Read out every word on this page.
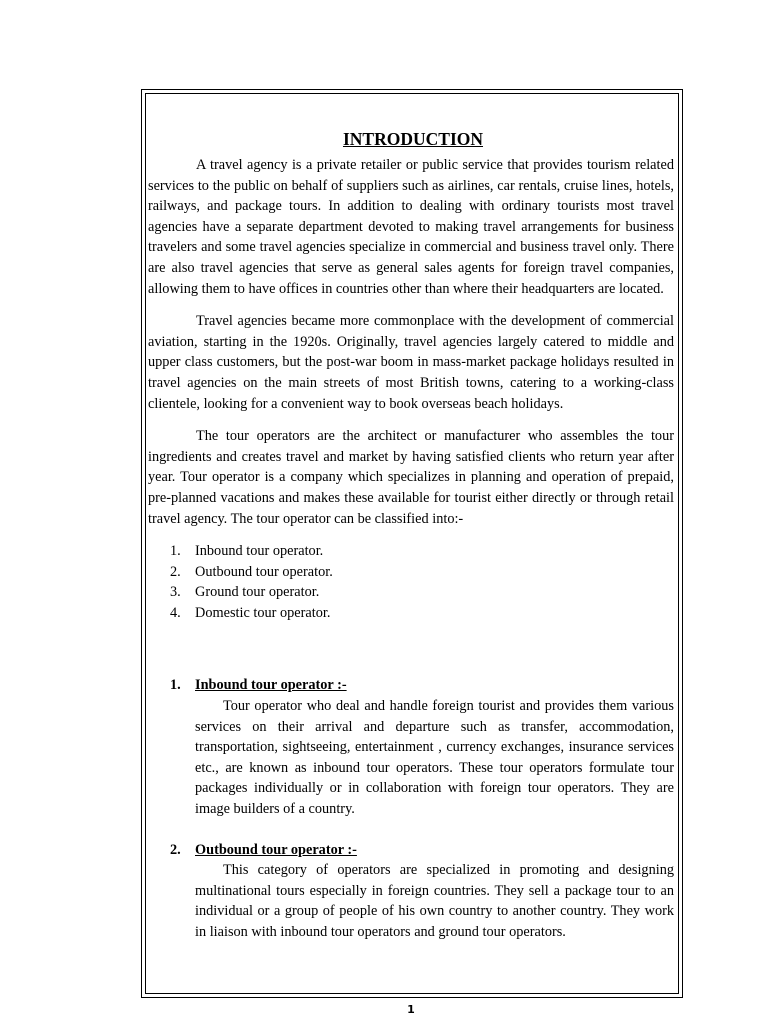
INTRODUCTION

A travel agency is a private retailer or public service that provides tourism related services to the public on behalf of suppliers such as airlines, car rentals, cruise lines, hotels, railways, and package tours. In addition to dealing with ordinary tourists most travel agencies have a separate department devoted to making travel arrangements for business travelers and some travel agencies specialize in commercial and business travel only. There are also travel agencies that serve as general sales agents for foreign travel companies, allowing them to have offices in countries other than where their headquarters are located.

Travel agencies became more commonplace with the development of commercial aviation, starting in the 1920s. Originally, travel agencies largely catered to middle and upper class customers, but the post-war boom in mass-market package holidays resulted in travel agencies on the main streets of most British towns, catering to a working-class clientele, looking for a convenient way to book overseas beach holidays.

The tour operators are the architect or manufacturer who assembles the tour ingredients and creates travel and market by having satisfied clients who return year after year. Tour operator is a company which specializes in planning and operation of prepaid, pre-planned vacations and makes these available for tourist either directly or through retail travel agency. The tour operator can be classified into:-

1. Inbound tour operator.
2. Outbound tour operator.
3. Ground tour operator.
4. Domestic tour operator.
1. Inbound tour operator :-

Tour operator who deal and handle foreign tourist and provides them various services on their arrival and departure such as transfer, accommodation, transportation, sightseeing, entertainment , currency exchanges, insurance services etc., are known as inbound tour operators. These tour operators formulate tour packages individually or in collaboration with foreign tour operators. They are image builders of a country.

2. Outbound tour operator :-

This category of operators are specialized in promoting and designing multinational tours especially in foreign countries. They sell a package tour to an individual or a group of people of his own country to another country. They work in liaison with inbound tour operators and ground tour operators.

1
